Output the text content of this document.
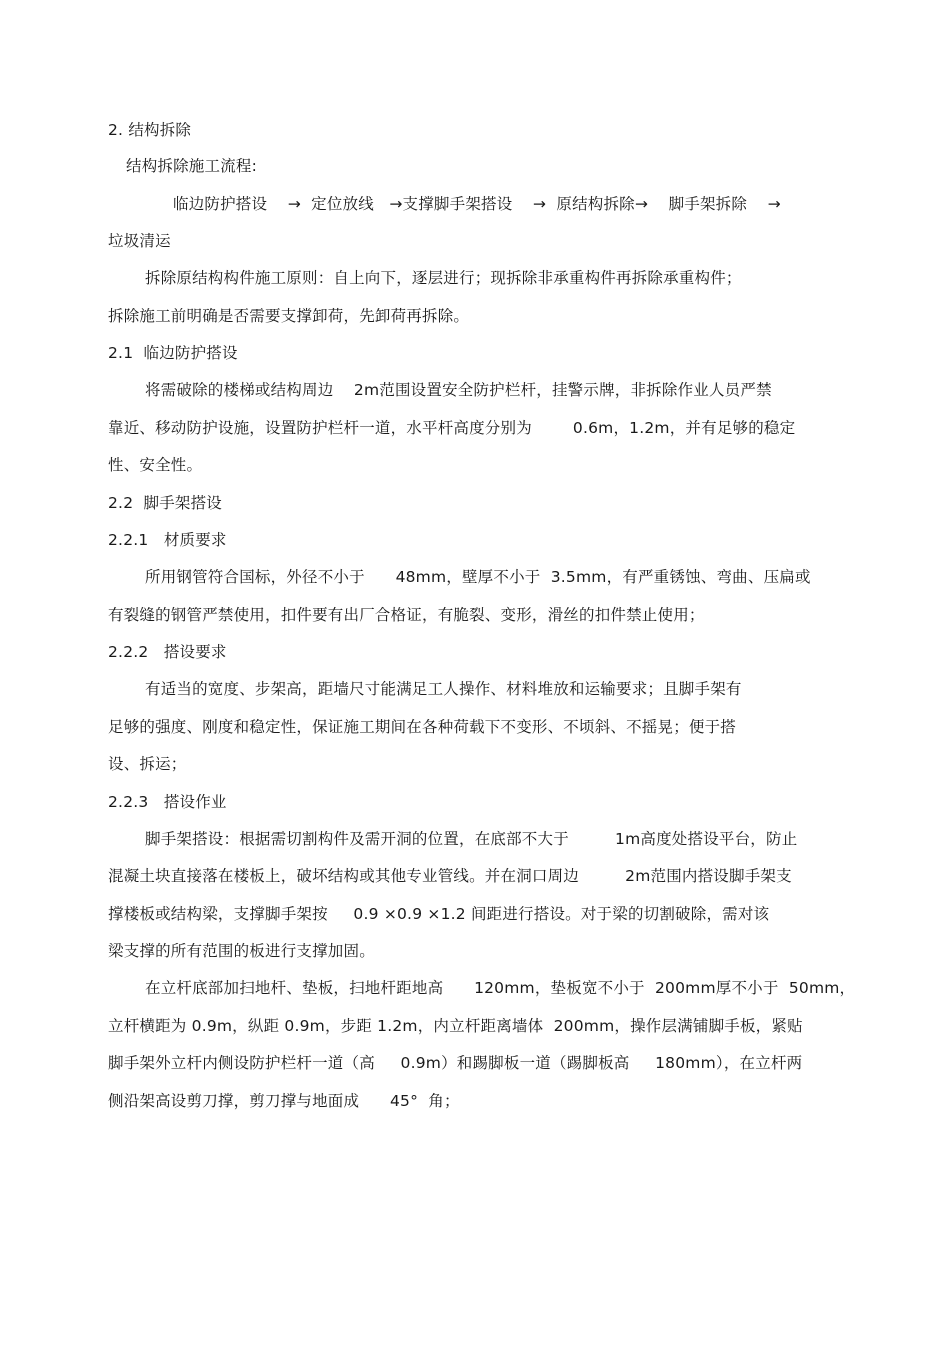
2. 结构拆除
结构拆除施工流程:
临边防护搭设    →  定位放线   →支撑脚手架搭设    →  原结构拆除→    脚手架拆除    →
垃圾清运
拆除原结构构件施工原则：自上向下，逐层进行；现拆除非承重构件再拆除承重构件；
拆除施工前明确是否需要支撑卸荷，先卸荷再拆除。
2.1  临边防护搭设
将需破除的楼梯或结构周边    2m范围设置安全防护栏杆，挂警示牌，非拆除作业人员严禁
靠近、移动防护设施，设置防护栏杆一道，水平杆高度分别为        0.6m，1.2m，并有足够的稳定
性、安全性。
2.2  脚手架搭设
2.2.1   材质要求
所用钢管符合国标，外径不小于      48mm，壁厚不小于  3.5mm，有严重锈蚀、弯曲、压扁或
有裂缝的钢管严禁使用，扣件要有出厂合格证，有脆裂、变形，滑丝的扣件禁止使用；
2.2.2   搭设要求
有适当的宽度、步架高，距墙尺寸能满足工人操作、材料堆放和运输要求；且脚手架有
足够的强度、刚度和稳定性，保证施工期间在各种荷载下不变形、不顷斜、不摇晃；便于搭
设、拆运；
2.2.3   搭设作业
脚手架搭设：根据需切割构件及需开洞的位置，在底部不大于         1m高度处搭设平台，防止
混凝土块直接落在楼板上，破坏结构或其他专业管线。并在洞口周边         2m范围内搭设脚手架支
撑楼板或结构梁，支撑脚手架按     0.9 ×0.9 ×1.2 间距进行搭设。对于梁的切割破除，需对该
梁支撑的所有范围的板进行支撑加固。
在立杆底部加扫地杆、垫板，扫地杆距地高      120mm，垫板宽不小于  200mm厚不小于  50mm，
立杆横距为 0.9m，纵距 0.9m，步距 1.2m，内立杆距离墙体  200mm，操作层满铺脚手板，紧贴
脚手架外立杆内侧设防护栏杆一道（高     0.9m）和踢脚板一道（踢脚板高     180mm），在立杆两
侧沿架高设剪刀撑，剪刀撑与地面成      45°  角；
